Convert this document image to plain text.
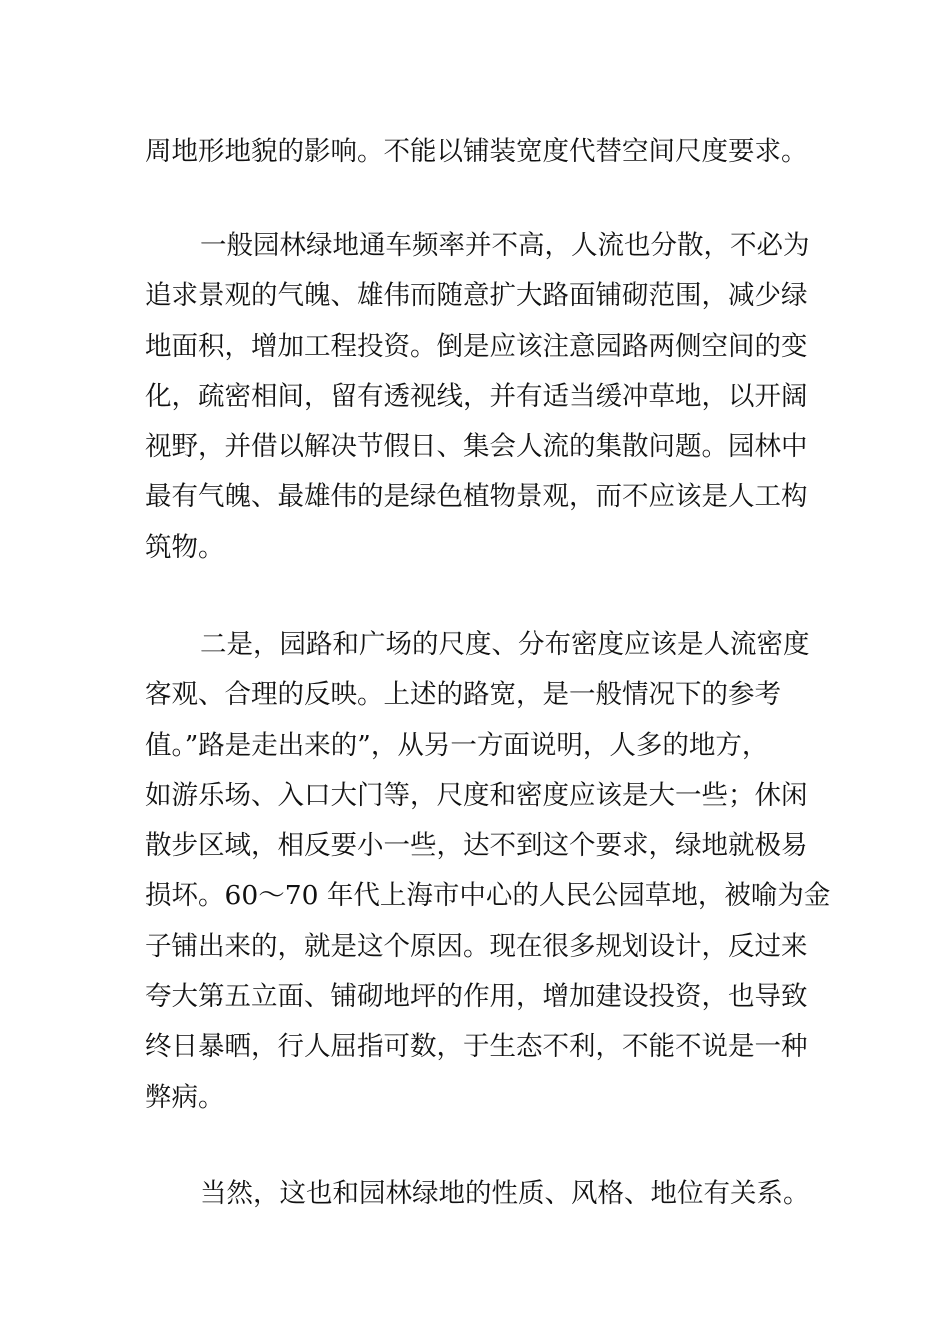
周地形地貌的影响。不能以铺装宽度代替空间尺度要求。

一般园林绿地通车频率并不高，人流也分散，不必为
追求景观的气魄、雄伟而随意扩大路面铺砌范围，减少绿
地面积，增加工程投资。倒是应该注意园路两侧空间的变
化，疏密相间，留有透视线，并有适当缓冲草地，以开阔
视野，并借以解决节假日、集会人流的集散问题。园林中
最有气魄、最雄伟的是绿色植物景观，而不应该是人工构
筑物。

二是，园路和广场的尺度、分布密度应该是人流密度
客观、合理的反映。上述的路宽，是一般情况下的参考
值。”路是走出来的”，从另一方面说明，人多的地方，
如游乐场、入口大门等，尺度和密度应该是大一些；休闲
散步区域，相反要小一些，达不到这个要求，绿地就极易
损坏。60～70 年代上海市中心的人民公园草地，被喻为金
子铺出来的，就是这个原因。现在很多规划设计，反过来
夸大第五立面、铺砌地坪的作用，增加建设投资，也导致
终日暴晒，行人屈指可数，于生态不利，不能不说是一种
弊病。

当然，这也和园林绿地的性质、风格、地位有关系。
